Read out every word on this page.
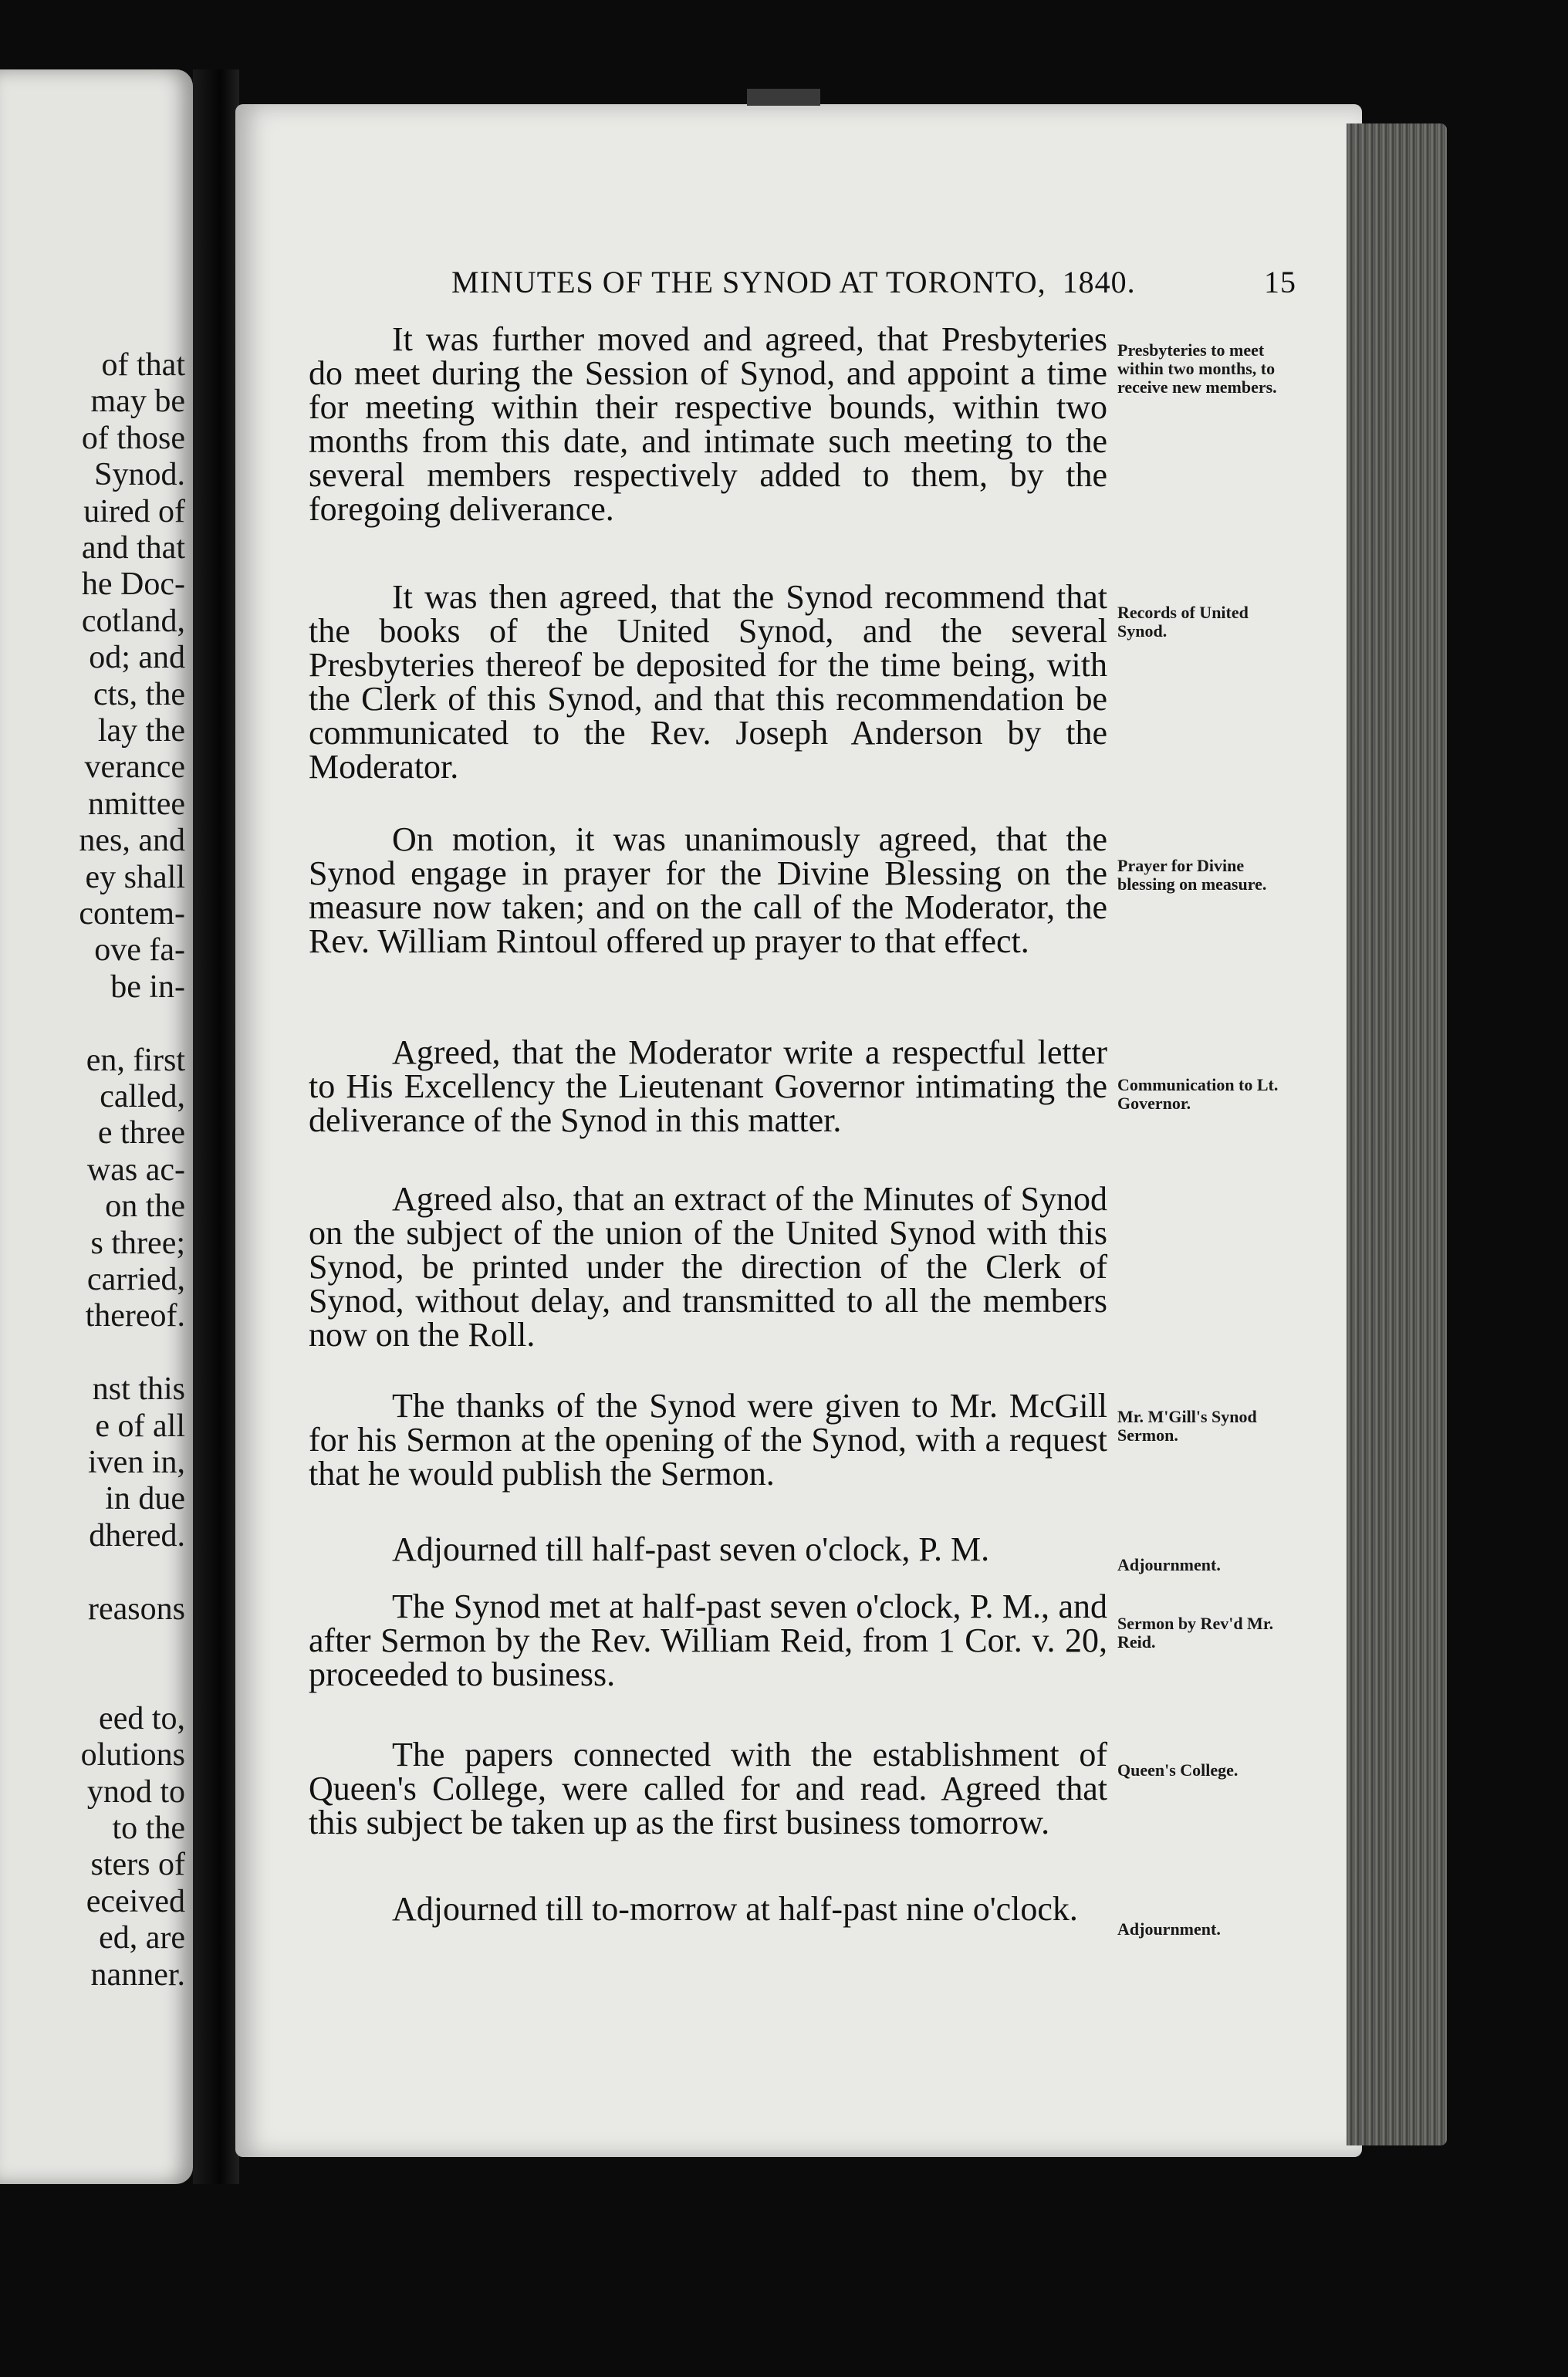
of that
may be
of those
Synod.
uired of
and that
he Doc-
cotland,
od; and
cts, the
lay the
verance
nmittee
nes, and
ey shall
contem-
ove fa-
be in-
en, first
called,
e three
was ac-
on the
s three;
carried,
thereof.
nst this
e of all
iven in,
in due
dhered.
reasons
eed to,
olutions
ynod to
to the
sters of
eceived
ed, are
nanner.
MINUTES OF THE SYNOD AT TORONTO, 1840.	15

It was further moved and agreed, that Presbyteries do meet during the Session of Synod, and appoint a time for meeting within their respective bounds, within two months from this date, and intimate such meeting to the several members respectively added to them, by the foregoing deliverance.

It was then agreed, that the Synod recommend that the books of the United Synod, and the several Presbyteries thereof be deposited for the time being, with the Clerk of this Synod, and that this recommendation be communicated to the Rev. Joseph Anderson by the Moderator.

On motion, it was unanimously agreed, that the Synod engage in prayer for the Divine Blessing on the measure now taken; and on the call of the Moderator, the Rev. William Rintoul offered up prayer to that effect.

Agreed, that the Moderator write a respectful letter to His Excellency the Lieutenant Governor intimating the deliverance of the Synod in this matter.

Agreed also, that an extract of the Minutes of Synod on the subject of the union of the United Synod with this Synod, be printed under the direction of the Clerk of Synod, without delay, and transmitted to all the members now on the Roll.

The thanks of the Synod were given to Mr. McGill for his Sermon at the opening of the Synod, with a request that he would publish the Sermon.

Adjourned till half-past seven o'clock, P. M.

The Synod met at half-past seven o'clock, P. M., and after Sermon by the Rev. William Reid, from 1 Cor. v. 20, proceeded to business.

The papers connected with the establishment of Queen's College, were called for and read. Agreed that this subject be taken up as the first business tomorrow.

Adjourned till to-morrow at half-past nine o'clock.

Presbyteries to meet within two months, to receive new members.
Records of United Synod.
Prayer for Divine blessing on measure.
Communication to Lt. Governor.
Mr. M'Gill's Synod Sermon.
Adjournment.
Sermon by Rev'd Mr. Reid.
Queen's College.
Adjournment.
